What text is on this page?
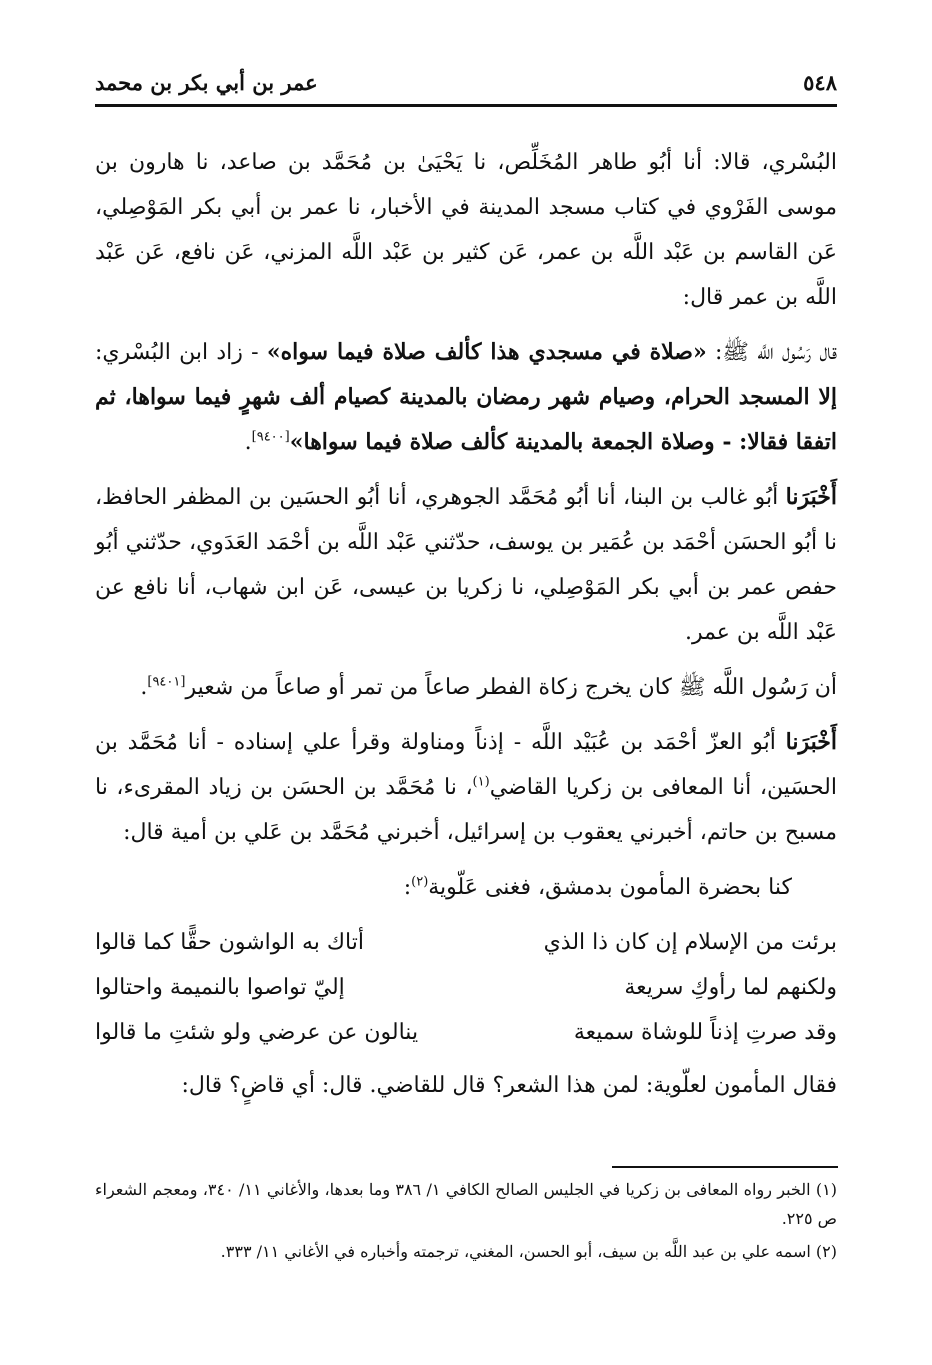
٥٤٨
عمر بن أبي بكر بن محمد

البُسْري، قالا: أنا أبُو طاهر المُخَلِّص، نا يَحْيَىٰ بن مُحَمَّد بن صاعد، نا هارون بن موسى الفَرْوي في كتاب مسجد المدينة في الأخبار، نا عمر بن أبي بكر المَوْصِلي، عَن القاسم بن عَبْد اللَّه بن عمر، عَن كثير بن عَبْد اللَّه المزني، عَن نافع، عَن عَبْد اللَّه بن عمر قال:

قال رَسُول اللَّه ﷺ: «صلاة في مسجدي هذا كألف صلاة فيما سواه» - زاد ابن البُسْري: إلا المسجد الحرام، وصيام شهر رمضان بالمدينة كصيام ألف شهرٍ فيما سواها، ثم اتفقا فقالا: - وصلاة الجمعة بالمدينة كألف صلاة فيما سواها»[٩٤٠٠].

أَخْبَرَنا أبُو غالب بن البنا، أنا أبُو مُحَمَّد الجوهري، أنا أبُو الحسَين بن المظفر الحافظ، نا أبُو الحسَن أحْمَد بن عُمَير بن يوسف، حدّثني عَبْد اللَّه بن أحْمَد العَدَوي، حدّثني أبُو حفص عمر بن أبي بكر المَوْصِلي، نا زكريا بن عيسى، عَن ابن شهاب، أنا نافع عن عَبْد اللَّه بن عمر.

أن رَسُول اللَّه ﷺ كان يخرج زكاة الفطر صاعاً من تمر أو صاعاً من شعير[٩٤٠١].

أَخْبَرَنا أبُو العزّ أحْمَد بن عُبَيْد اللَّه - إذناً ومناولة وقرأ علي إسناده - أنا مُحَمَّد بن الحسَين، أنا المعافى بن زكريا القاضي$^{(١)}$، نا مُحَمَّد بن الحسَن بن زياد المقرىء، نا مسبح بن حاتم، أخبرني يعقوب بن إسرائيل، أخبرني مُحَمَّد بن عَلي بن أمية قال:

كنا بحضرة المأمون بدمشق، فغنى عَلّوية$^{(٢)}$:

برئت من الإسلام إن كان ذا الذي		أتاك به الواشون حقًّا كما قالوا
ولكنهم لما رأوكِ سريعة		إليّ تواصوا بالنميمة واحتالوا
وقد صرتِ إذناً للوشاة سميعة		ينالون عن عرضي ولو شئتِ ما قالوا

فقال المأمون لعلّوية: لمن هذا الشعر؟ قال للقاضي. قال: أي قاضٍ؟ قال:

(١) الخبر رواه المعافى بن زكريا في الجليس الصالح الكافي ١/ ٣٨٦ وما بعدها، والأغاني ١١/ ٣٤٠، ومعجم الشعراء ص ٢٢٥.

(٢) اسمه علي بن عبد اللَّه بن سيف، أبو الحسن، المغني، ترجمته وأخباره في الأغاني ١١/ ٣٣٣.
